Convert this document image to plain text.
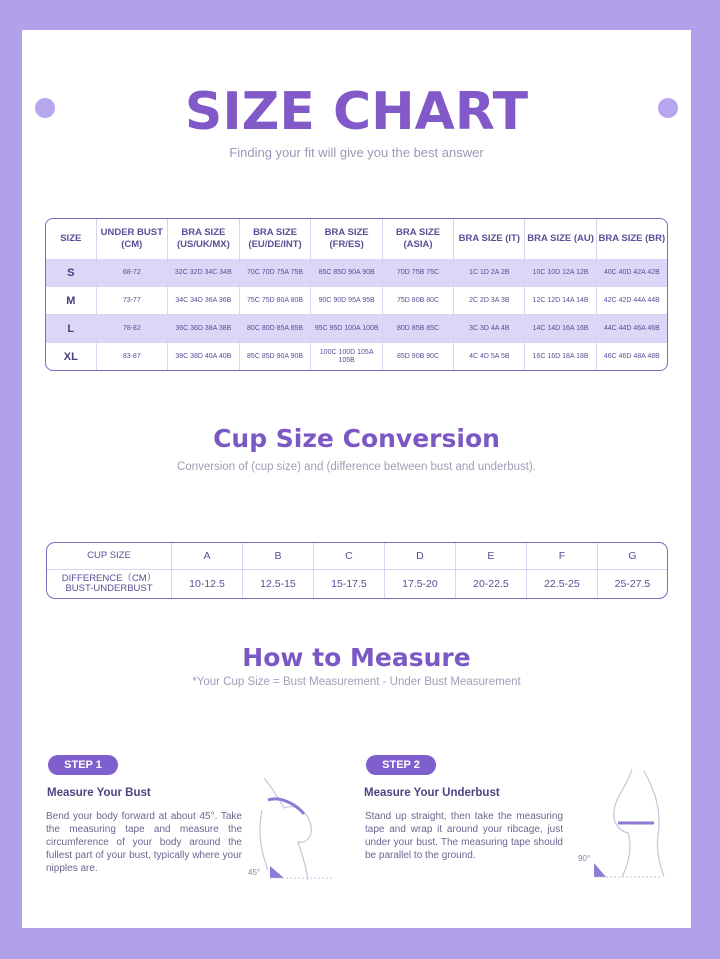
SIZE CHART
Finding your fit will give you the best answer
SIZE	UNDER BUST (CM)	BRA SIZE (US/UK/MX)	BRA SIZE (EU/DE/INT)	BRA SIZE (FR/ES)	BRA SIZE (ASIA)	BRA SIZE (IT)	BRA SIZE (AU)	BRA SIZE (BR)
S	68-72	32C 32D 34C 34B	70C 70D 75A 75B	85C 85D 90A 90B	70D 75B 75C	1C 1D 2A 2B	10C 10D 12A 12B	40C 40D 42A 42B
M	73-77	34C 34D 36A 36B	75C 75D 80A 80B	90C 90D 95A 95B	75D 80B 80C	2C 2D 3A 3B	12C 12D 14A 14B	42C 42D 44A 44B
L	78-82	36C 36D 38A 38B	80C 80D 85A 85B	95C 95D 100A 100B	80D 85B 85C	3C 3D 4A 4B	14C 14D 16A 16B	44C 44D 46A 46B
XL	83-87	38C 38D 40A 40B	85C 85D 90A 90B	100C 100D 105A 105B	85D 90B 90C	4C 4D 5A 5B	16C 16D 18A 18B	46C 46D 48A 48B
Cup Size Conversion
Conversion of (cup size) and (difference between bust and underbust).
CUP SIZE	A	B	C	D	E	F	G

DIFFERENCE（CM）
BUST-UNDERBUST	10-12.5	12.5-15	15-17.5	17.5-20	20-22.5	22.5-25	25-27.5
How to Measure
*Your Cup Size = Bust Measurement - Under Bust Measurement
STEP 1
Measure Your Bust
Bend your body forward at about 45°. Take the measuring tape and measure the circumference of your body around the fullest part of your bust, typically where your nipples are.	45°
STEP 2
Measure Your Underbust
Stand up straight, then take the measuring tape and wrap it around your ribcage, just under your bust. The measuring tape should be parallel to the ground.	90°
